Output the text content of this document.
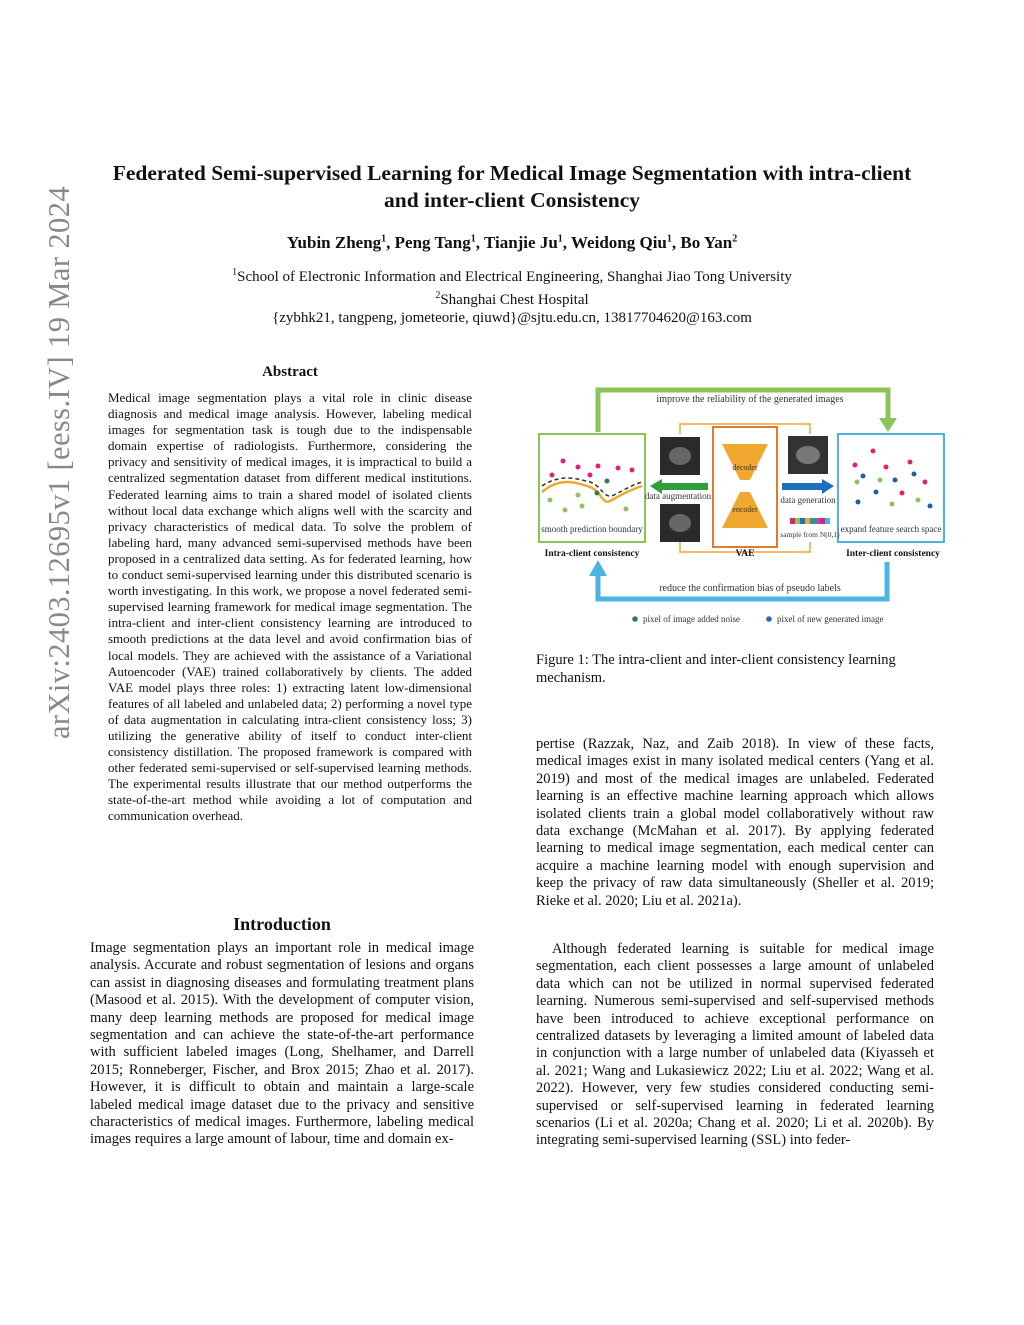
Federated Semi-supervised Learning for Medical Image Segmentation with intra-client and inter-client Consistency
Yubin Zheng$^1$, Peng Tang$^1$, Tianjie Ju$^1$, Weidong Qiu$^1$, Bo Yan$^2$
$^1$School of Electronic Information and Electrical Engineering, Shanghai Jiao Tong University
$^2$Shanghai Chest Hospital
{zybhk21, tangpeng, jometeorie, qiuwd}@sjtu.edu.cn, 13817704620@163.com
arXiv:2403.12695v1 [eess.IV] 19 Mar 2024	Abstract

Medical image segmentation plays a vital role in clinic disease diagnosis and medical image analysis. However, labeling medical images for segmentation task is tough due to the indispensable domain expertise of radiologists. Furthermore, considering the privacy and sensitivity of medical images, it is impractical to build a centralized segmentation dataset from different medical institutions. Federated learning aims to train a shared model of isolated clients without local data exchange which aligns well with the scarcity and privacy characteristics of medical data. To solve the problem of labeling hard, many advanced semi-supervised methods have been proposed in a centralized data setting. As for federated learning, how to conduct semi-supervised learning under this distributed scenario is worth investigating. In this work, we propose a novel federated semi-supervised learning framework for medical image segmentation. The intra-client and inter-client consistency learning are introduced to smooth predictions at the data level and avoid confirmation bias of local models. They are achieved with the assistance of a Variational Autoencoder (VAE) trained collaboratively by clients. The added VAE model plays three roles: 1) extracting latent low-dimensional features of all labeled and unlabeled data; 2) performing a novel type of data augmentation in calculating intra-client consistency loss; 3) utilizing the generative ability of itself to conduct inter-client consistency distillation. The proposed framework is compared with other federated semi-supervised or self-supervised learning methods. The experimental results illustrate that our method outperforms the state-of-the-art method while avoiding a lot of computation and communication overhead.

Introduction

Image segmentation plays an important role in medical image analysis. Accurate and robust segmentation of lesions and organs can assist in diagnosing diseases and formulating treatment plans (Masood et al. 2015). With the development of computer vision, many deep learning methods are proposed for medical image segmentation and can achieve the state-of-the-art performance with sufficient labeled images (Long, Shelhamer, and Darrell 2015; Ronneberger, Fischer, and Brox 2015; Zhao et al. 2017). However, it is difficult to obtain and maintain a large-scale labeled medical image dataset due to the privacy and sensitive characteristics of medical images. Furthermore, labeling medical images requires a large amount of labour, time and domain ex-

pertise (Razzak, Naz, and Zaib 2018). In view of these facts, medical images exist in many isolated medical centers (Yang et al. 2019) and most of the medical images are unlabeled. Federated learning is an effective machine learning approach which allows isolated clients train a global model collaboratively without raw data exchange (McMahan et al. 2017). By applying federated learning to medical image segmentation, each medical center can acquire a machine learning model with enough supervision and keep the privacy of raw data simultaneously (Sheller et al. 2019; Rieke et al. 2020; Liu et al. 2021a).

Although federated learning is suitable for medical image segmentation, each client possesses a large amount of unlabeled data which can not be utilized in normal supervised federated learning. Numerous semi-supervised and self-supervised methods have been introduced to achieve exceptional performance on centralized datasets by leveraging a limited amount of labeled data in conjunction with a large number of unlabeled data (Kiyasseh et al. 2021; Wang and Lukasiewicz 2022; Liu et al. 2022; Wang et al. 2022). However, very few studies considered conducting semi-supervised or self-supervised learning in federated learning scenarios (Li et al. 2020a; Chang et al. 2020; Li et al. 2020b). By integrating semi-supervised learning (SSL) into feder-

improve the reliability of the generated images
reduce the confirmation bias of pseudo labels
smooth prediction boundary	expand feature search space
decoder
encoder
data augmentation	data generation
sample from N(0,1)
Intra-client consistency	VAE	Inter-client consistency
pixel of image added noise	pixel of new generated image

Figure 1: The intra-client and inter-client consistency learning mechanism.
